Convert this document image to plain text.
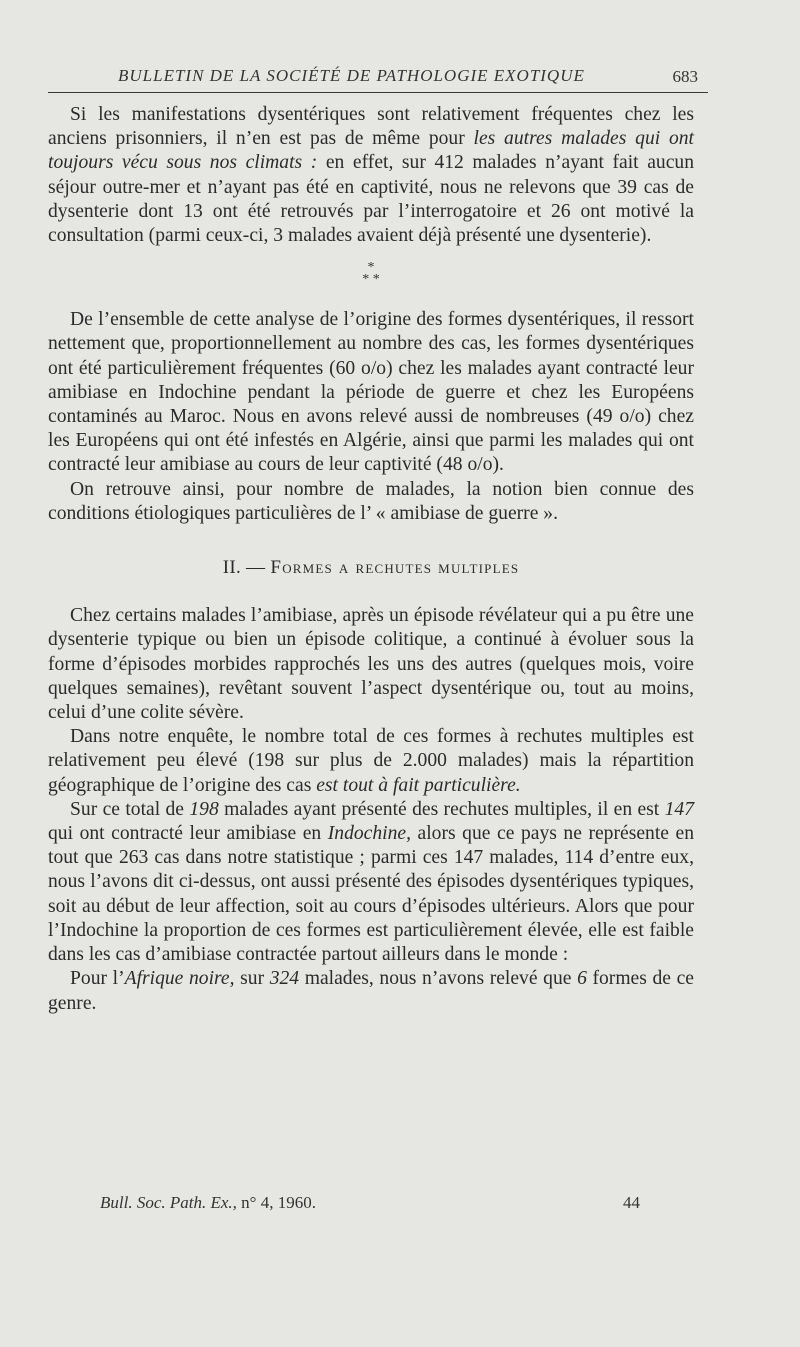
BULLETIN DE LA SOCIÉTÉ DE PATHOLOGIE EXOTIQUE	683

Si les manifestations dysentériques sont relativement fréquentes chez les anciens prisonniers, il n’en est pas de même pour les autres malades qui ont toujours vécu sous nos climats : en effet, sur 412 malades n’ayant fait aucun séjour outre-mer et n’ayant pas été en captivité, nous ne relevons que 39 cas de dysenterie dont 13 ont été retrouvés par l’interrogatoire et 26 ont motivé la consultation (parmi ceux-ci, 3 malades avaient déjà présenté une dysenterie).

*
* *

De l’ensemble de cette analyse de l’origine des formes dysentériques, il ressort nettement que, proportionnellement au nombre des cas, les formes dysentériques ont été particulièrement fréquentes (60 o/o) chez les malades ayant contracté leur amibiase en Indochine pendant la période de guerre et chez les Européens contaminés au Maroc. Nous en avons relevé aussi de nombreuses (49 o/o) chez les Européens qui ont été infestés en Algérie, ainsi que parmi les malades qui ont contracté leur amibiase au cours de leur captivité (48 o/o).

On retrouve ainsi, pour nombre de malades, la notion bien connue des conditions étiologiques particulières de l’ « amibiase de guerre ».

II. — Formes a rechutes multiples

Chez certains malades l’amibiase, après un épisode révélateur qui a pu être une dysenterie typique ou bien un épisode colitique, a continué à évoluer sous la forme d’épisodes morbides rapprochés les uns des autres (quelques mois, voire quelques semaines), revêtant souvent l’aspect dysentérique ou, tout au moins, celui d’une colite sévère.

Dans notre enquête, le nombre total de ces formes à rechutes multiples est relativement peu élevé (198 sur plus de 2.000 malades) mais la répartition géographique de l’origine des cas est tout à fait particulière.

Sur ce total de 198 malades ayant présenté des rechutes multiples, il en est 147 qui ont contracté leur amibiase en Indochine, alors que ce pays ne représente en tout que 263 cas dans notre statistique ; parmi ces 147 malades, 114 d’entre eux, nous l’avons dit ci-dessus, ont aussi présenté des épisodes dysentériques typiques, soit au début de leur affection, soit au cours d’épisodes ultérieurs. Alors que pour l’Indochine la proportion de ces formes est particulièrement élevée, elle est faible dans les cas d’amibiase contractée partout ailleurs dans le monde :

Pour l’Afrique noire, sur 324 malades, nous n’avons relevé que 6 formes de ce genre.

Bull. Soc. Path. Ex., n° 4, 1960.	44
